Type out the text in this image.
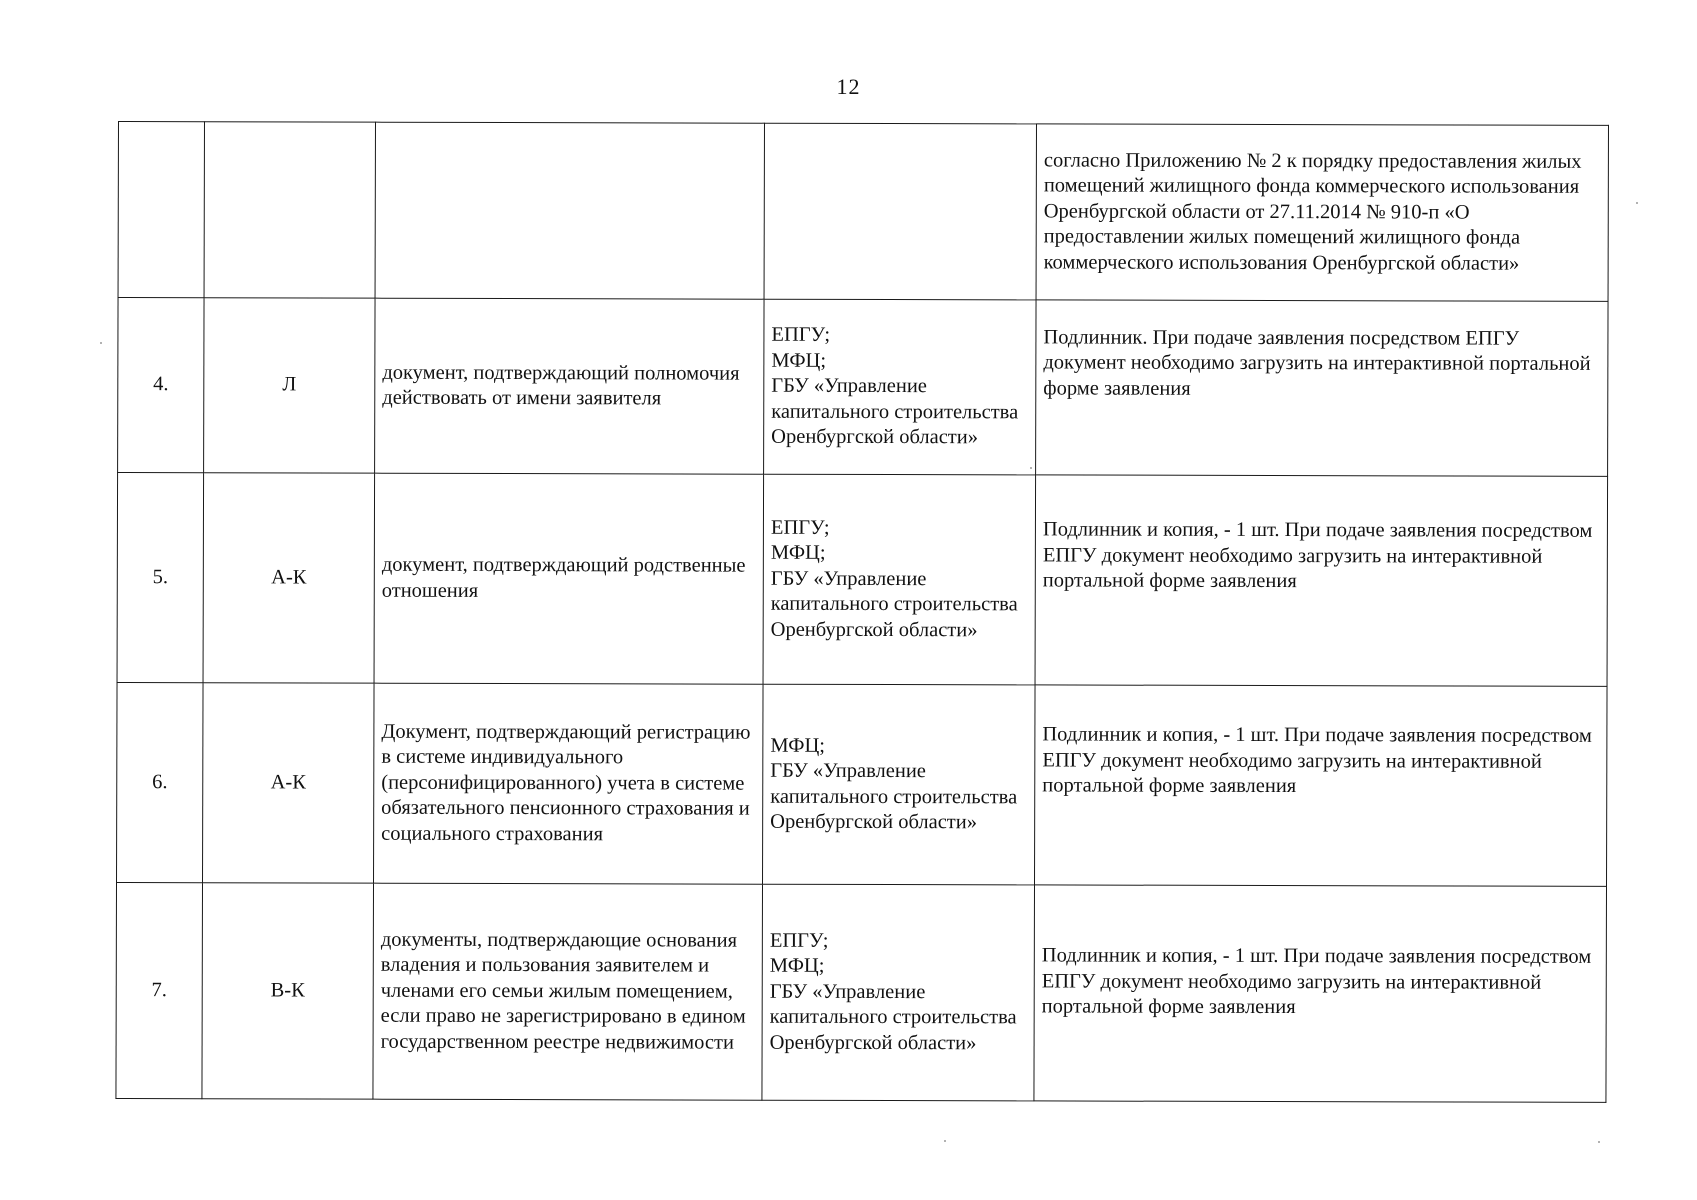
12
				согласно Приложению № 2 к порядку предоставления жилых помещений жилищного фонда коммерческого использования Оренбургской области от 27.11.2014 № 910-п «О предоставлении жилых помещений жилищного фонда коммерческого использования Оренбургской области»
4.	Л	документ, подтверждающий полномочия действовать от имени заявителя	ЕПГУ;
МФЦ;
ГБУ «Управление капитального строительства Оренбургской области»	Подлинник. При подаче заявления посредством ЕПГУ документ необходимо загрузить на интерактивной портальной форме заявления

5.	А-К	документ, подтверждающий родственные отношения	ЕПГУ;
МФЦ;
ГБУ «Управление капитального строительства Оренбургской области»	Подлинник и копия, - 1 шт. При подаче заявления посредством ЕПГУ документ необходимо загрузить на интерактивной портальной форме заявления

6.	А-К	Документ, подтверждающий регистрацию в системе индивидуального (персонифицированного) учета в системе обязательного пенсионного страхования и социального страхования	МФЦ;
ГБУ «Управление капитального строительства Оренбургской области»	Подлинник и копия, - 1 шт. При подаче заявления посредством ЕПГУ документ необходимо загрузить на интерактивной портальной форме заявления

7.	В-К	документы, подтверждающие основания владения и пользования заявителем и членами его семьи жилым помещением, если право не зарегистрировано в едином государственном реестре недвижимости	ЕПГУ;
МФЦ;
ГБУ «Управление капитального строительства Оренбургской области»	Подлинник и копия, - 1 шт. При подаче заявления посредством ЕПГУ документ необходимо загрузить на интерактивной портальной форме заявления
